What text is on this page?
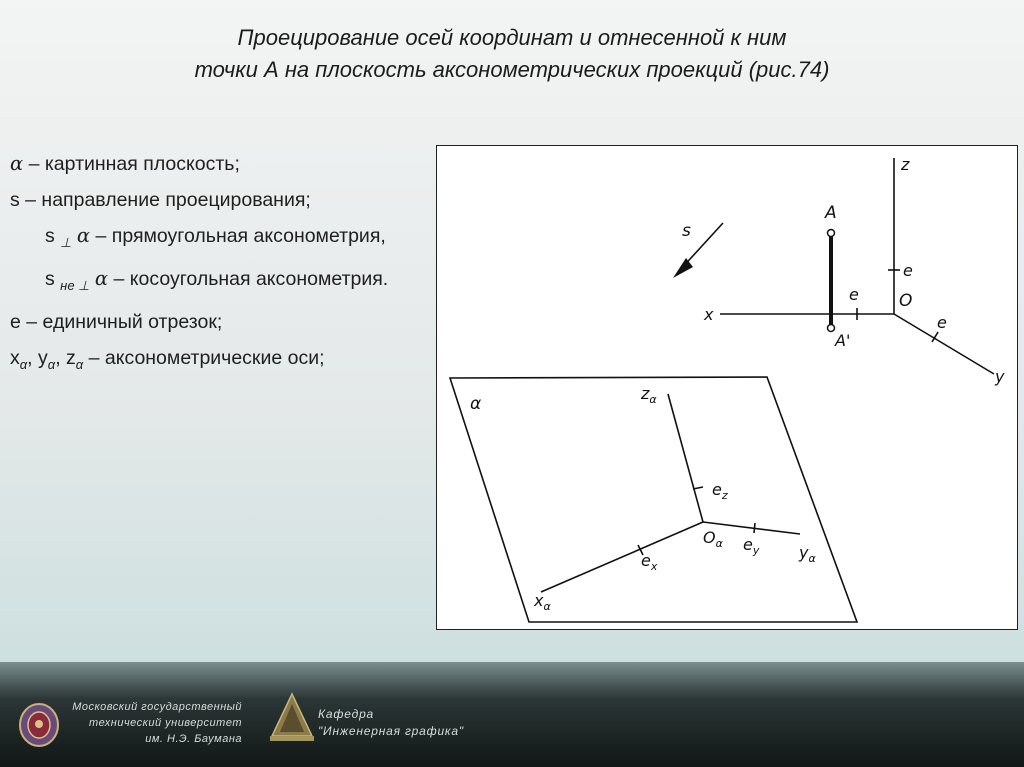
Проецирование осей координат и отнесенной к ним
точки А на плоскость аксонометрических проекций (рис.74)
α – картинная плоскость;
s – направление проецирования;
s $_\perp$ α – прямоугольная аксонометрия,
s $_{не \perp}$ α – косоугольная аксонометрия.
e – единичный отрезок;
$x_\alpha$, $y_\alpha$, $z_\alpha$ – аксонометрические оси;
z
e
e O
x	e
y
A
A'
s
α
$z_\alpha$
$e_z$
$O_\alpha$ $e_y$ $y_\alpha$
$e_x$
$x_\alpha$
Московский государственный
технический университет
им. Н.Э. Баумана
Кафедра
"Инженерная графика"
